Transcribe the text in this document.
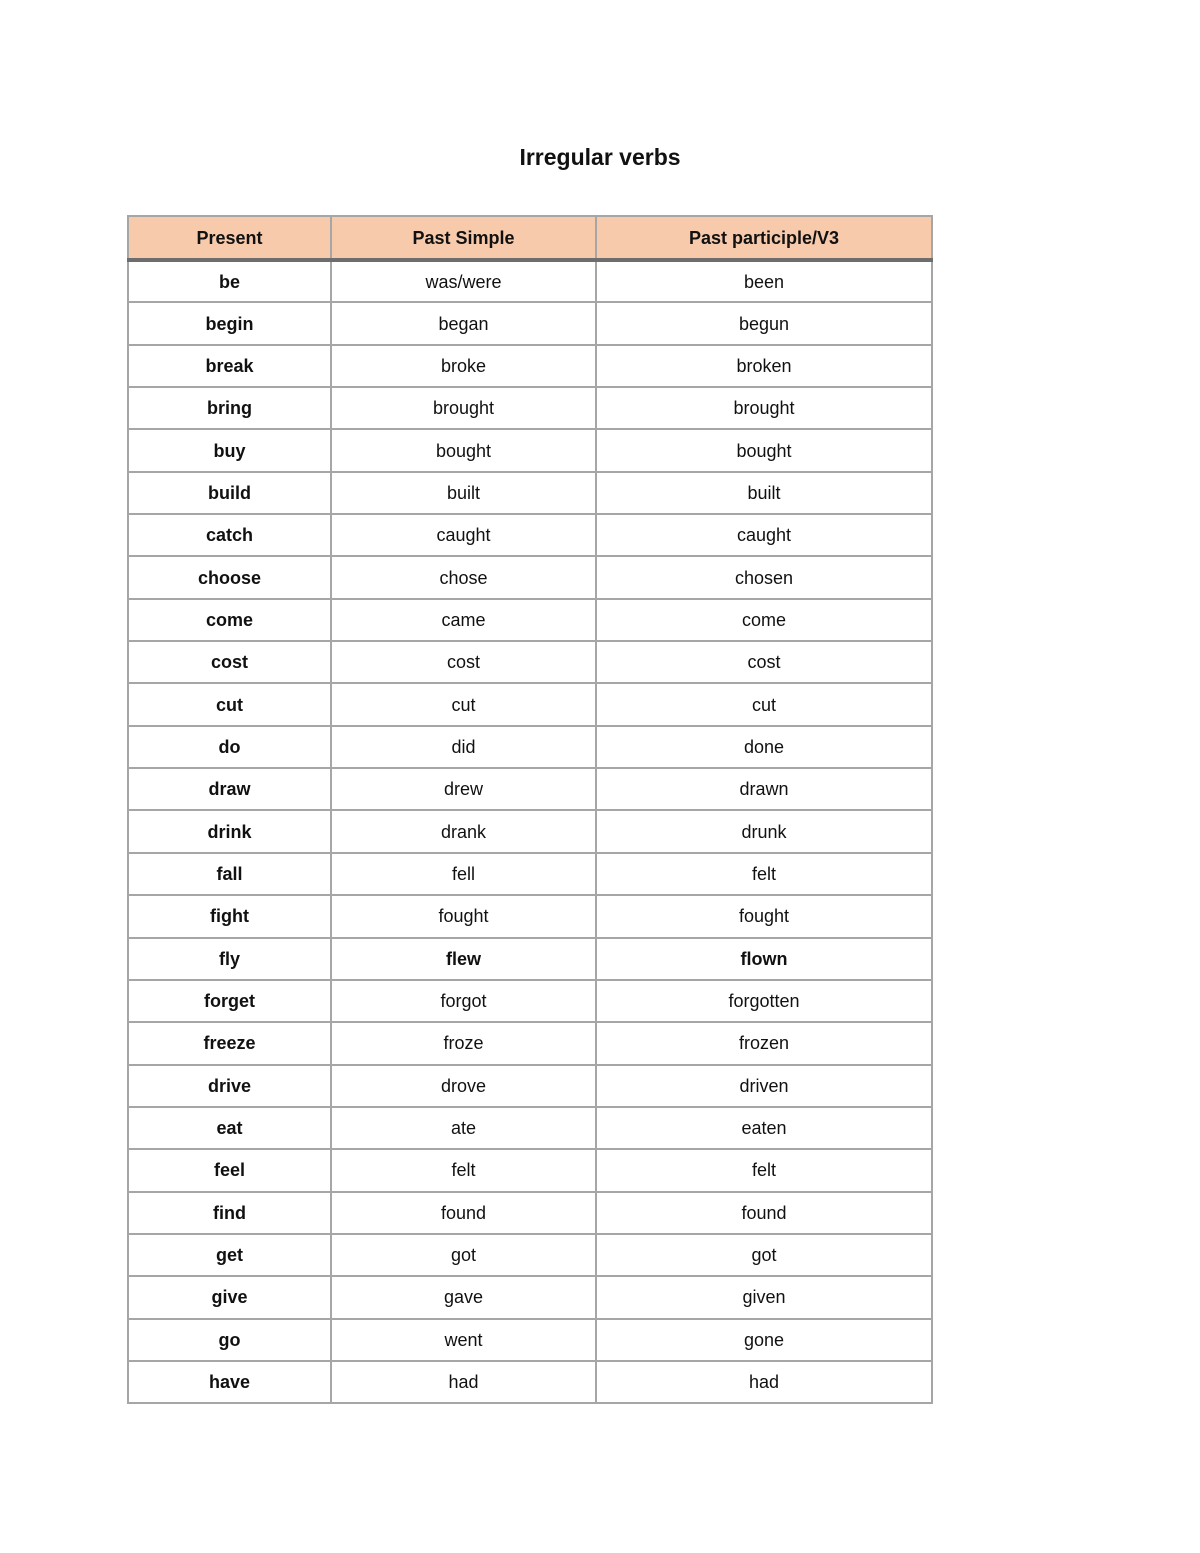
Irregular verbs
Present	Past Simple	Past participle/V3
be	was/were	been
begin	began	begun
break	broke	broken
bring	brought	brought
buy	bought	bought
build	built	built
catch	caught	caught
choose	chose	chosen
come	came	come
cost	cost	cost
cut	cut	cut
do	did	done
draw	drew	drawn
drink	drank	drunk
fall	fell	felt
fight	fought	fought
fly	flew	flown
forget	forgot	forgotten
freeze	froze	frozen
drive	drove	driven
eat	ate	eaten
feel	felt	felt
find	found	found
get	got	got
give	gave	given
go	went	gone
have	had	had
